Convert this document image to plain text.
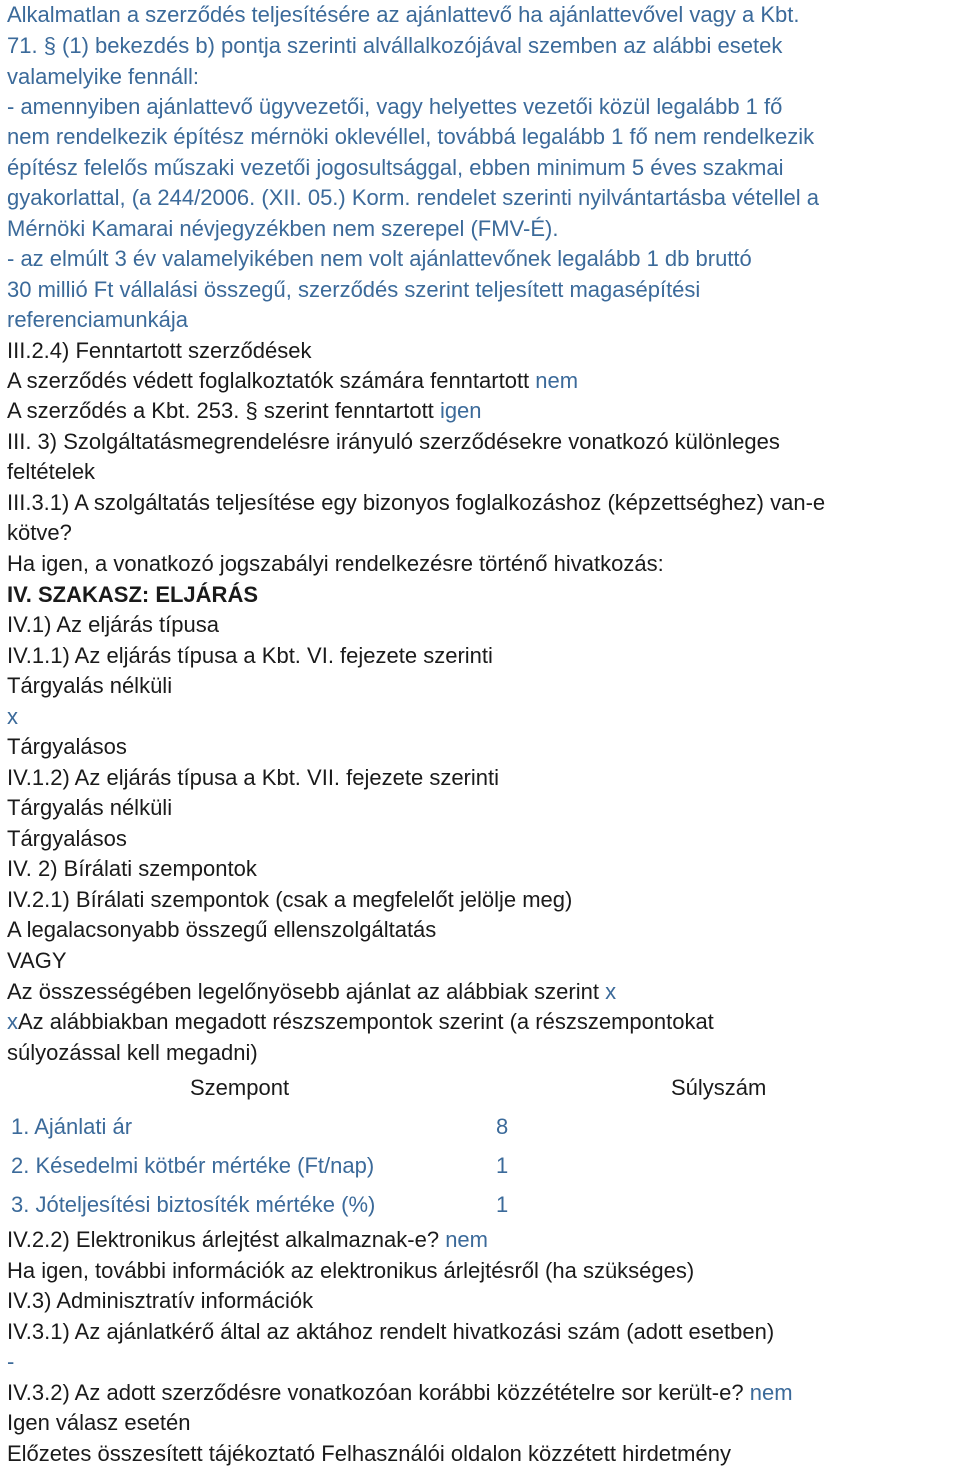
Alkalmatlan a szerződés teljesítésére az ajánlattevő ha ajánlattevővel vagy a Kbt.
71. § (1) bekezdés b) pontja szerinti alvállalkozójával szemben az alábbi esetek
valamelyike fennáll:
- amennyiben ajánlattevő ügyvezetői, vagy helyettes vezetői közül legalább 1 fő
nem rendelkezik építész mérnöki oklevéllel, továbbá legalább 1 fő nem rendelkezik
építész felelős műszaki vezetői jogosultsággal, ebben minimum 5 éves szakmai
gyakorlattal, (a 244/2006. (XII. 05.) Korm. rendelet szerinti nyilvántartásba vétellel a
Mérnöki Kamarai névjegyzékben nem szerepel (FMV-É).
- az elmúlt 3 év valamelyikében nem volt ajánlattevőnek legalább 1 db bruttó
30 millió Ft vállalási összegű, szerződés szerint teljesített magasépítési
referenciamunkája
III.2.4) Fenntartott szerződések
A szerződés védett foglalkoztatók számára fenntartott nem
A szerződés a Kbt. 253. § szerint fenntartott igen
III. 3) Szolgáltatásmegrendelésre irányuló szerződésekre vonatkozó különleges
feltételek
III.3.1) A szolgáltatás teljesítése egy bizonyos foglalkozáshoz (képzettséghez) van-e
kötve?
Ha igen, a vonatkozó jogszabályi rendelkezésre történő hivatkozás:
IV. SZAKASZ: ELJÁRÁS
IV.1) Az eljárás típusa
IV.1.1) Az eljárás típusa a Kbt. VI. fejezete szerinti
Tárgyalás nélküli
x
Tárgyalásos
IV.1.2) Az eljárás típusa a Kbt. VII. fejezete szerinti
Tárgyalás nélküli
Tárgyalásos
IV. 2) Bírálati szempontok
IV.2.1) Bírálati szempontok (csak a megfelelőt jelölje meg)
A legalacsonyabb összegű ellenszolgáltatás
VAGY
Az összességében legelőnyösebb ajánlat az alábbiak szerint x
xAz alábbiakban megadott részszempontok szerint (a részszempontokat
súlyozással kell megadni)
Szempont	Súlyszám
1. Ajánlati ár	8
2. Késedelmi kötbér mértéke (Ft/nap)	1
3. Jóteljesítési biztosíték mértéke (%)	1
IV.2.2) Elektronikus árlejtést alkalmaznak-e? nem
Ha igen, további információk az elektronikus árlejtésről (ha szükséges)
IV.3) Adminisztratív információk
IV.3.1) Az ajánlatkérő által az aktához rendelt hivatkozási szám (adott esetben)
-
IV.3.2) Az adott szerződésre vonatkozóan korábbi közzétételre sor került-e? nem
Igen válasz esetén
Előzetes összesített tájékoztató Felhasználói oldalon közzétett hirdetmény
